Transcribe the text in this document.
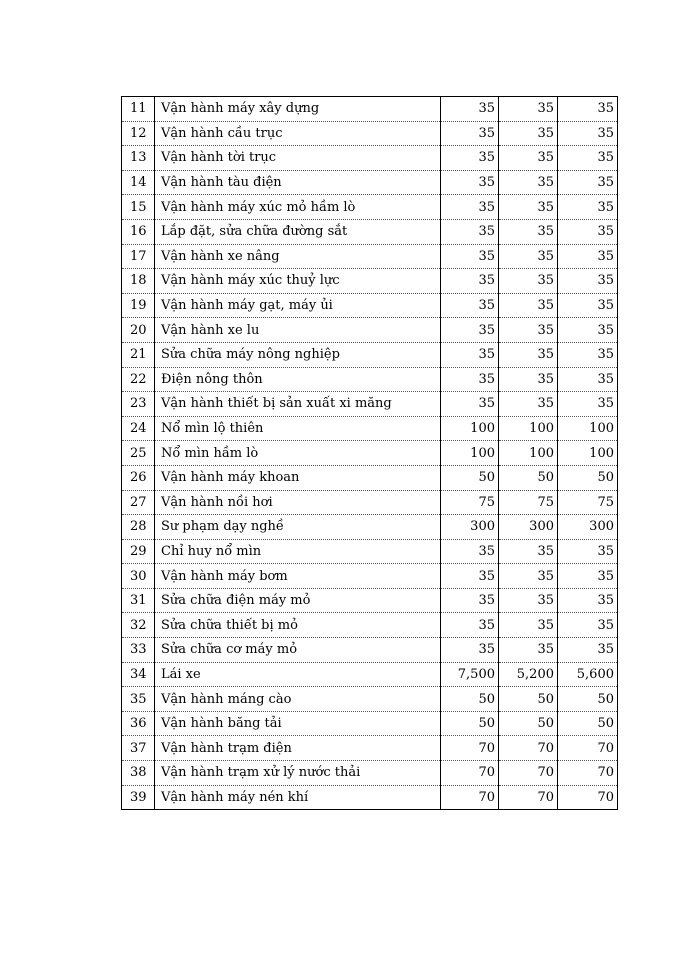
11	Vận hành máy xây dựng	35	35	35
12	Vận hành cầu trục	35	35	35
13	Vận hành tời trục	35	35	35
14	Vận hành tàu điện	35	35	35
15	Vận hành máy xúc mỏ hầm lò	35	35	35
16	Lắp đặt, sửa chữa đường sắt	35	35	35
17	Vận hành xe nâng	35	35	35
18	Vận hành máy xúc thuỷ lực	35	35	35
19	Vận hành máy gạt, máy ủi	35	35	35
20	Vận hành xe lu	35	35	35
21	Sửa chữa máy nông nghiệp	35	35	35
22	Điện nông thôn	35	35	35
23	Vận hành thiết bị sản xuất xi măng	35	35	35
24	Nổ mìn lộ thiên	100	100	100
25	Nổ mìn hầm lò	100	100	100
26	Vận hành máy khoan	50	50	50
27	Vận hành nồi hơi	75	75	75
28	Sư phạm dạy nghề	300	300	300
29	Chỉ huy nổ mìn	35	35	35
30	Vận hành máy bơm	35	35	35
31	Sửa chữa điện máy mỏ	35	35	35
32	Sửa chữa thiết bị mỏ	35	35	35
33	Sửa chữa cơ máy mỏ	35	35	35
34	Lái xe	7,500	5,200	5,600
35	Vận hành máng cào	50	50	50
36	Vận hành băng tải	50	50	50
37	Vận hành trạm điện	70	70	70
38	Vận hành trạm xử lý nước thải	70	70	70
39	Vận hành máy nén khí	70	70	70
